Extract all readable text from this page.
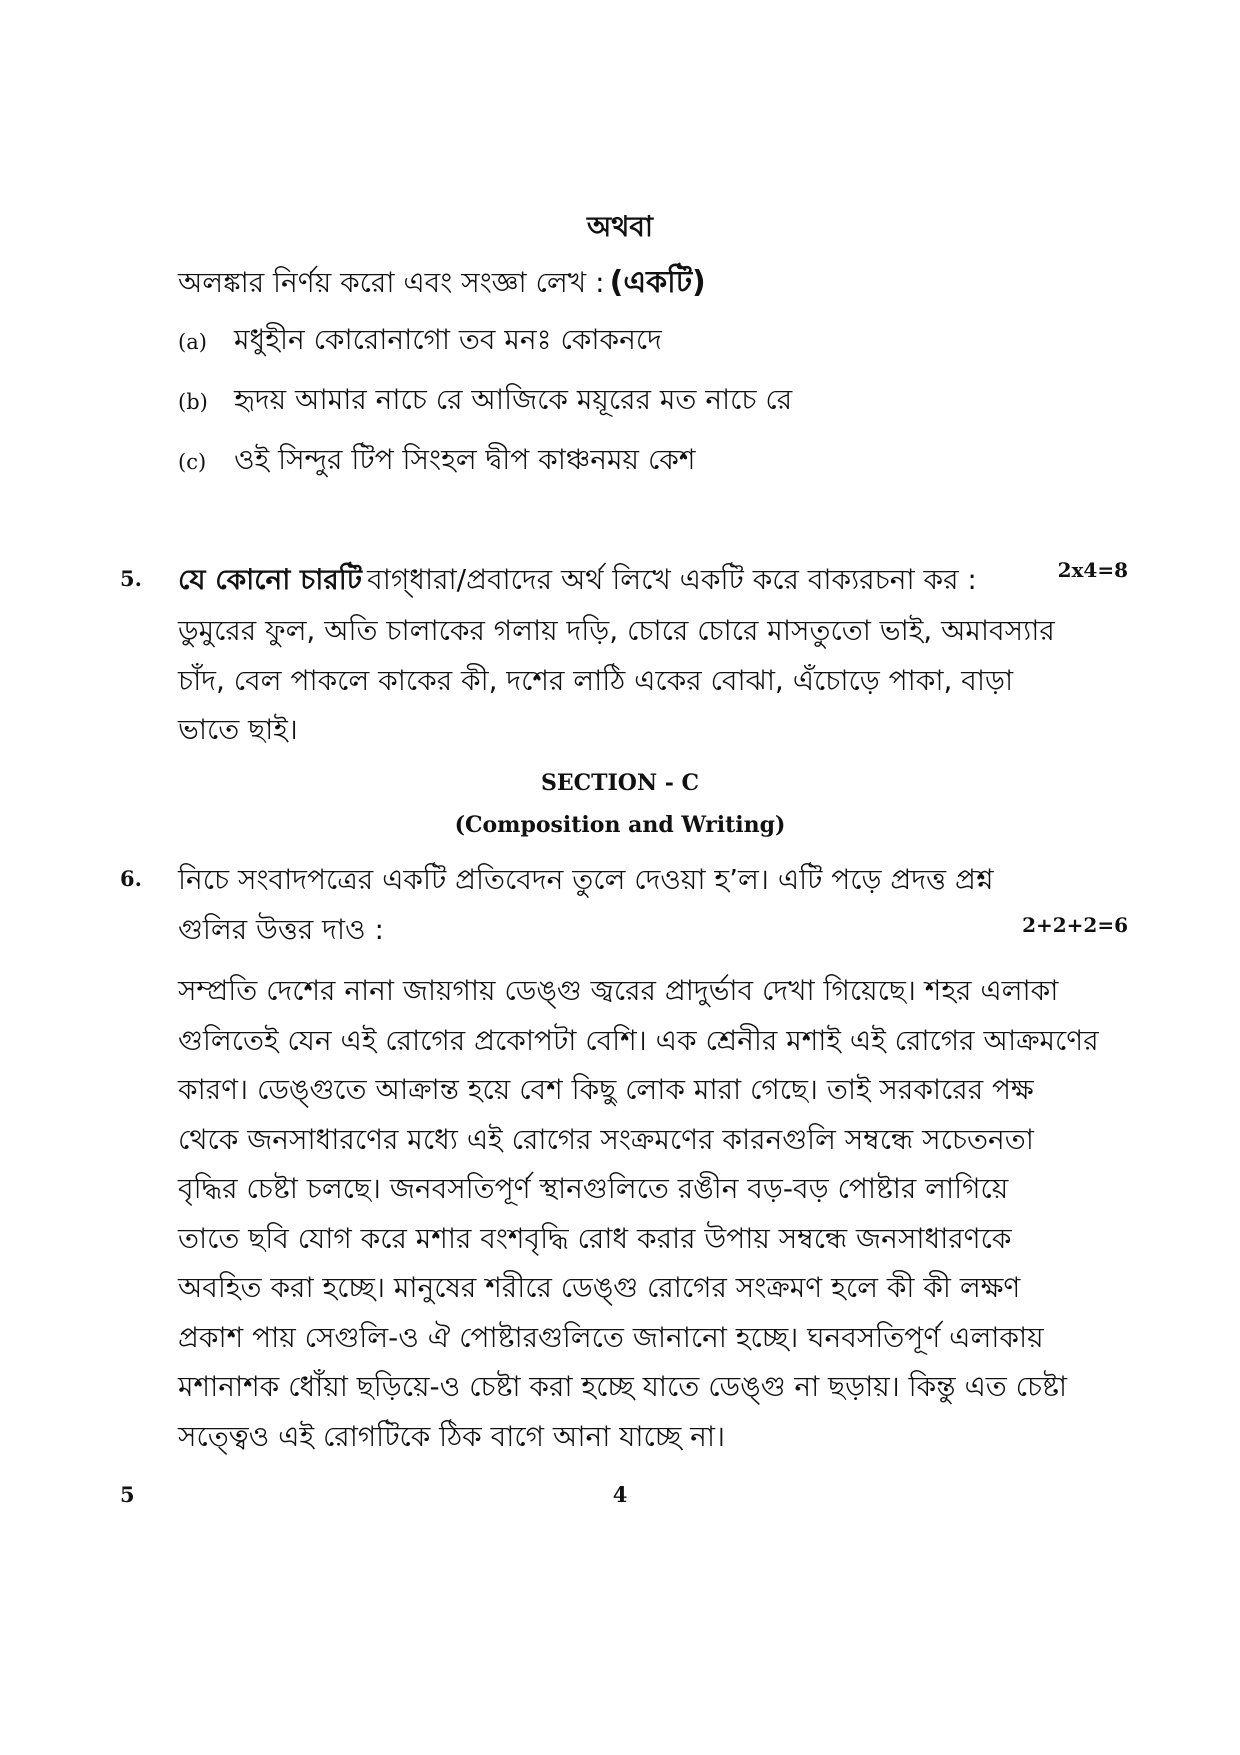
অথবা
অলঙ্কার নির্ণয় করো এবং সংজ্ঞা লেখ : (একটি)
(a) মধুহীন কোরোনাগো তব মনঃ কোকনদে
(b) হৃদয় আমার নাচে রে আজিকে ময়ূরের মত নাচে রে
(c) ওই সিন্দুর টিপ সিংহল দ্বীপ কাঞ্চনময় কেশ
5. যে কোনো চারটি বাগ্‌ধারা/প্রবাদের অর্থ লিখে একটি করে বাক্যরচনা কর :	2x4=8
ডুমুরের ফুল, অতি চালাকের গলায় দড়ি, চোরে চোরে মাসতুতো ভাই, অমাবস্যার
চাঁদ, বেল পাকলে কাকের কী, দশের লাঠি একের বোঝা, এঁচোড়ে পাকা, বাড়া
ভাতে ছাই।
SECTION - C
(Composition and Writing)
6. নিচে সংবাদপত্রের একটি প্রতিবেদন তুলে দেওয়া হ’ল। এটি পড়ে প্রদত্ত প্রশ্ন
গুলির উত্তর দাও :	2+2+2=6
সম্প্রতি দেশের নানা জায়গায় ডেঙ্গু জ্বরের প্রাদুর্ভাব দেখা গিয়েছে। শহর এলাকা
গুলিতেই যেন এই রোগের প্রকোপটা বেশি। এক শ্রেনীর মশাই এই রোগের আক্রমণের
কারণ। ডেঙ্গুতে আক্রান্ত হয়ে বেশ কিছু লোক মারা গেছে। তাই সরকারের পক্ষ
থেকে জনসাধারণের মধ্যে এই রোগের সংক্রমণের কারনগুলি সম্বন্ধে সচেতনতা
বৃদ্ধির চেষ্টা চলছে। জনবসতিপূর্ণ স্থানগুলিতে রঙীন বড়-বড় পোষ্টার লাগিয়ে
তাতে ছবি যোগ করে মশার বংশবৃদ্ধি রোধ করার উপায় সম্বন্ধে জনসাধারণকে
অবহিত করা হচ্ছে। মানুষের শরীরে ডেঙ্গু রোগের সংক্রমণ হলে কী কী লক্ষণ
প্রকাশ পায় সেগুলি-ও ঐ পোষ্টারগুলিতে জানানো হচ্ছে। ঘনবসতিপূর্ণ এলাকায়
মশানাশক ধোঁয়া ছড়িয়ে-ও চেষ্টা করা হচ্ছে যাতে ডেঙ্গু না ছড়ায়। কিন্তু এত চেষ্টা
সত্ত্বেও এই রোগটিকে ঠিক বাগে আনা যাচ্ছে না।
5	4
